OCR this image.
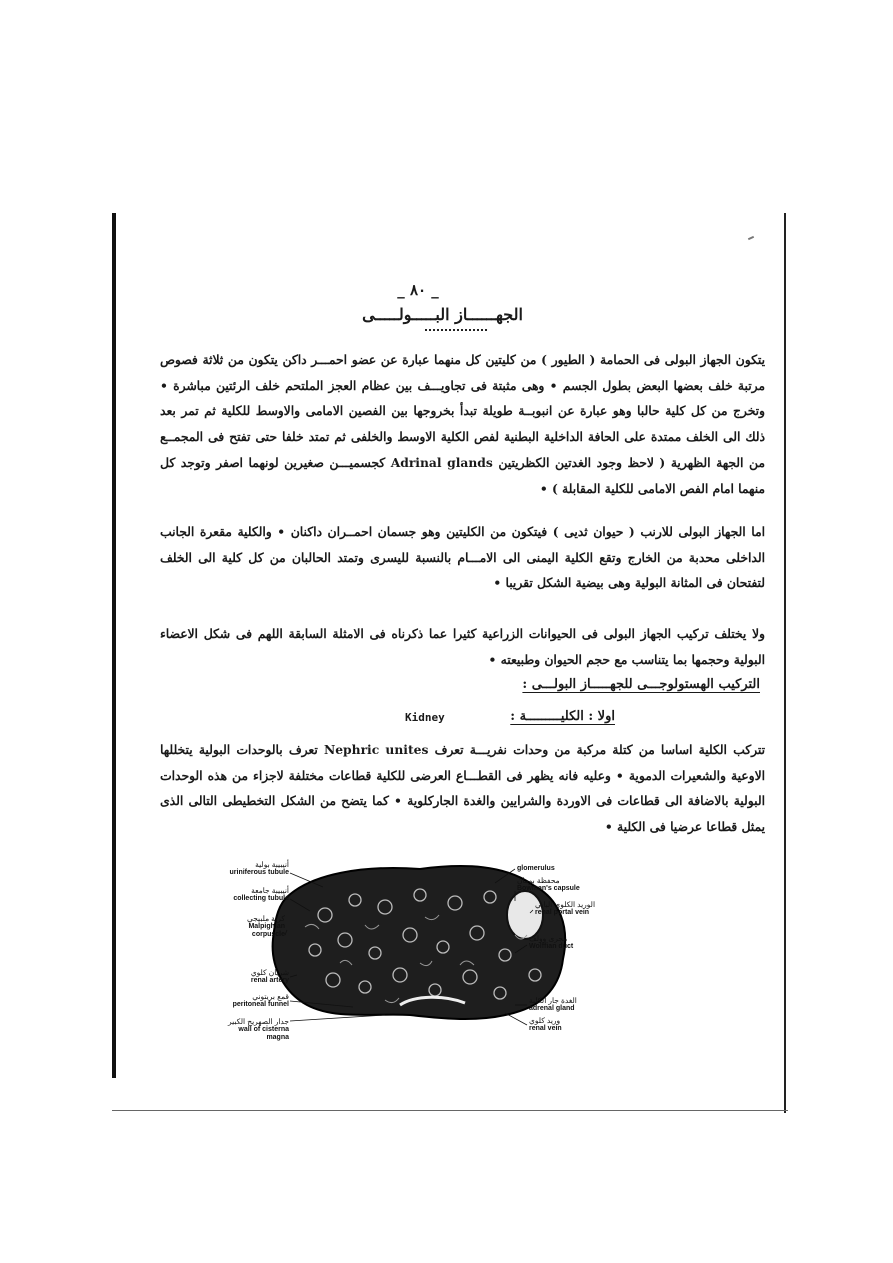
_ ٨٠ _
الجهــــــاز البـــــولـــــى
يتكون الجهاز البولى فى الحمامة ( الطيور ) من كليتين كل منهما عبارة عن عضو احمـــر داكن يتكون من ثلاثة فصوص مرتبة خلف بعضها البعض بطول الجسم • وهى مثبتة فى تجاويـــف بين عظام العجز الملتحم خلف الرئتين مباشرة • وتخرج من كل كلية حالبا وهو عبارة عن انبوبــة طويلة تبدأ بخروجها بين الفصين الامامى والاوسط للكلية ثم تمر بعد ذلك الى الخلف ممتدة على الحافة الداخلية البطنية لفص الكلية الاوسط والخلفى ثم تمتد خلفا حتى تفتح فى المجمــع من الجهة الظهرية ( لاحظ وجود الغدتين الكظريتين Adrinal glands كجسميـــن صغيرين لونهما اصفر وتوجد كل منهما امام الفص الامامى للكلية المقابلة ) •
اما الجهاز البولى للارنب ( حيوان ثديى ) فيتكون من الكليتين وهو جسمان احمــران داكنان • والكلية مقعرة الجانب الداخلى محدبة من الخارج وتقع الكلية اليمنى الى الامـــام بالنسبة لليسرى وتمتد الحالبان من كل كلية الى الخلف لتفتحان فى المثانة البولية وهى بيضية الشكل تقريبا •
ولا يختلف تركيب الجهاز البولى فى الحيوانات الزراعية كثيرا عما ذكرناه فى الامثلة السابقة اللهم فى شكل الاعضاء البولية وحجمها بما يتناسب مع حجم الحيوان وطبيعته •
التركيب الهستولوجـــى للجهـــــاز البولـــى :
اولا : الكليـــــــــة :
Kidney
تتركب الكلية اساسا من كتلة مركبة من وحدات نفريـــة تعرف Nephric unites تعرف بالوحدات البولية يتخللها الاوعية والشعيرات الدموية • وعليه فانه يظهر فى القطـــاع العرضى للكلية قطاعات مختلفة لاجزاء من هذه الوحدات البولية بالاضافة الى قطاعات فى الاوردة والشرايين والغدة الجاركلوية • كما يتضح من الشكل التخطيطى التالى الذى يمثل قطاعا عرضيا فى الكلية •
أنيبيبة بولية
uriniferous tubule
أنيبيبة جامعة
collecting tubule
كرية ملبيجي
Malpighian corpuscle
شريان كلوي
renal artery
قمع بريتوني
peritoneal funnel
جدار الصهريج الكبير
wall of cisterna magna
glomerulus
محفظة بومان
Bowman's capsule
الوريد الكلوي البابي
renal portal vein
مجرى وولف
Wolffian duct
الغدة جار الكلية
adrenal gland
وريد كلوي
renal vein
